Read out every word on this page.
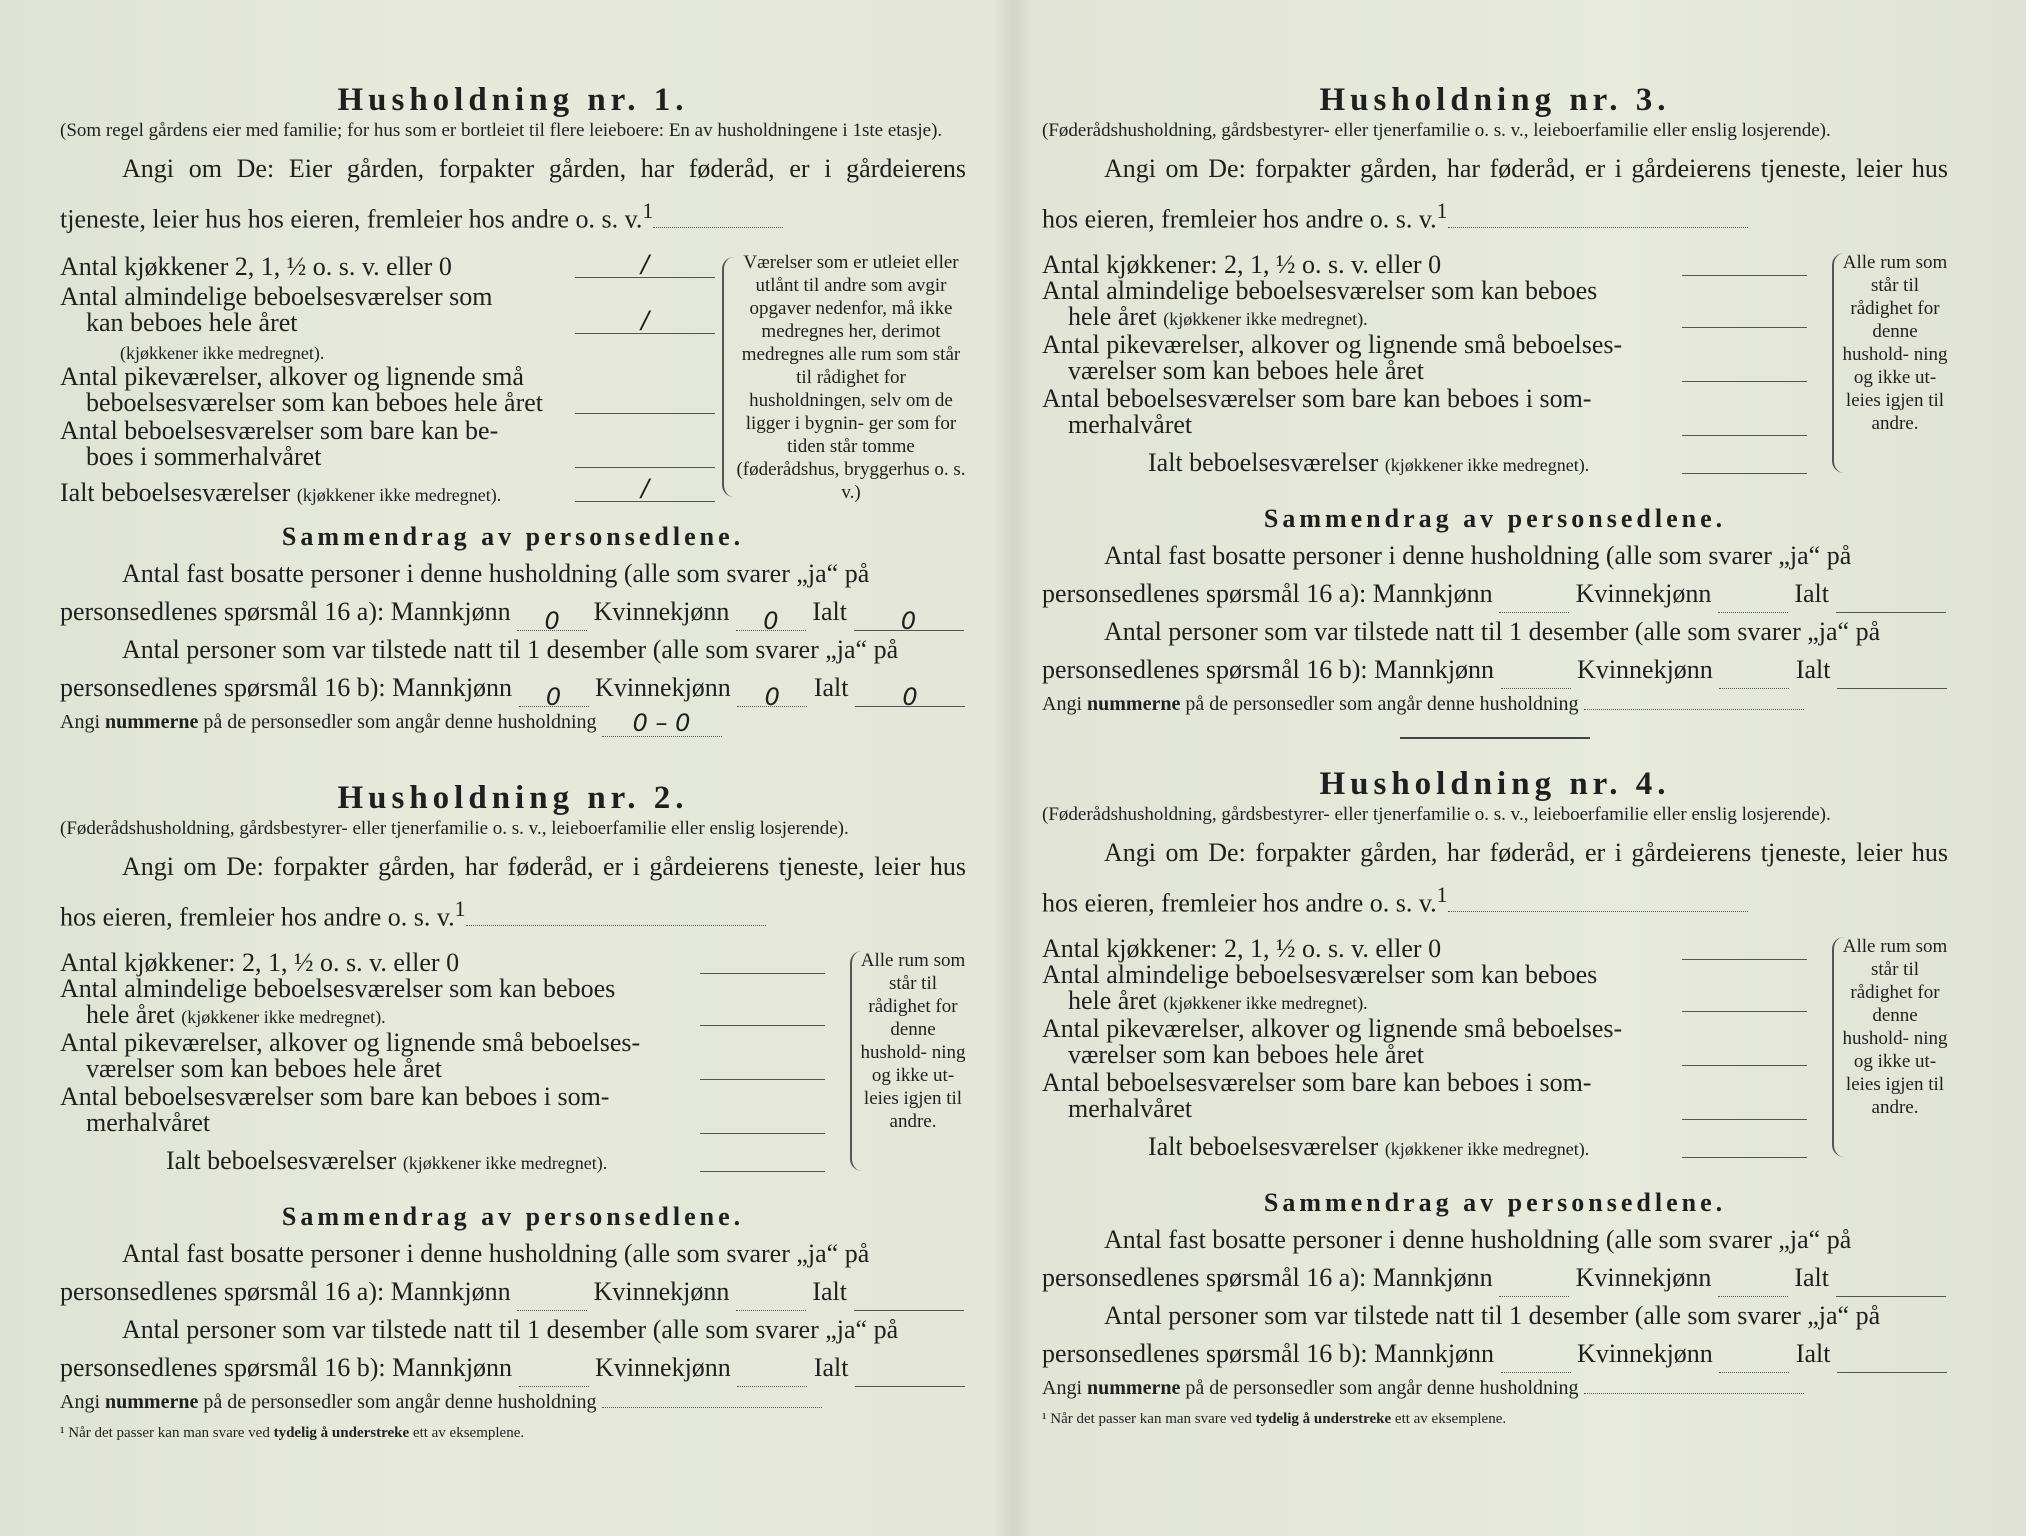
Husholdning nr. 1.

(Som regel gårdens eier med familie; for hus som er bortleiet til flere leieboere: En av husholdningene i 1ste etasje).

Angi om De: Eier gården, forpakter gården, har føderåd, er i gårdeierens tjeneste, leier hus hos eieren, fremleier hos andre o. s. v.$^1$

Antal kjøkkener 2, 1, ½ o. s. v. eller 0	/
Antal almindelige beboelsesværelser som
kan beboes hele året	/
(kjøkkener ikke medregnet).
Antal pikeværelser, alkover og lignende små
beboelsesværelser som kan beboes hele året
Antal beboelsesværelser som bare kan be-
boes i sommerhalvåret
Ialt beboelsesværelser (kjøkkener ikke medregnet).	/
Værelser som er utleiet eller utlånt til andre som avgir opgaver nedenfor, må ikke medregnes her, derimot medregnes alle rum som står til rådighet for husholdningen, selv om de ligger i bygnin- ger som for tiden står tomme (føderådshus, bryggerhus o. s. v.)
Sammendrag av personsedlene.

Antal fast bosatte personer i denne husholdning (alle som svarer „ja“ på

personsedlenes spørsmål 16 a): Mannkjønn 0 Kvinnekjønn 0 Ialt 0

Antal personer som var tilstede natt til 1 desember (alle som svarer „ja“ på

personsedlenes spørsmål 16 b): Mannkjønn 0 Kvinnekjønn 0 Ialt 0

Angi nummerne på de personsedler som angår denne husholdning 0 – 0

Husholdning nr. 2.

(Føderådshusholdning, gårdsbestyrer- eller tjenerfamilie o. s. v., leieboerfamilie eller enslig losjerende).

Angi om De: forpakter gården, har føderåd, er i gårdeierens tjeneste, leier hus hos eieren, fremleier hos andre o. s. v.$^1$

Antal kjøkkener: 2, 1, ½ o. s. v. eller 0
Antal almindelige beboelsesværelser som kan beboes
hele året (kjøkkener ikke medregnet).
Antal pikeværelser, alkover og lignende små beboelses-
værelser som kan beboes hele året
Antal beboelsesværelser som bare kan beboes i som-
merhalvåret
Ialt beboelsesværelser (kjøkkener ikke medregnet).
Alle rum som står til rådighet for denne hushold- ning og ikke ut- leies igjen til andre.
Sammendrag av personsedlene.

Antal fast bosatte personer i denne husholdning (alle som svarer „ja“ på

personsedlenes spørsmål 16 a): Mannkjønn	Kvinnekjønn	Ialt

Antal personer som var tilstede natt til 1 desember (alle som svarer „ja“ på

personsedlenes spørsmål 16 b): Mannkjønn	Kvinnekjønn	Ialt

Angi nummerne på de personsedler som angår denne husholdning

¹ Når det passer kan man svare ved tydelig å understreke ett av eksemplene.

Husholdning nr. 3.

(Føderådshusholdning, gårdsbestyrer- eller tjenerfamilie o. s. v., leieboerfamilie eller enslig losjerende).

Angi om De: forpakter gården, har føderåd, er i gårdeierens tjeneste, leier hus hos eieren, fremleier hos andre o. s. v.$^1$

Antal kjøkkener: 2, 1, ½ o. s. v. eller 0
Antal almindelige beboelsesværelser som kan beboes
hele året (kjøkkener ikke medregnet).
Antal pikeværelser, alkover og lignende små beboelses-
værelser som kan beboes hele året
Antal beboelsesværelser som bare kan beboes i som-
merhalvåret
Ialt beboelsesværelser (kjøkkener ikke medregnet).
Alle rum som står til rådighet for denne hushold- ning og ikke ut- leies igjen til andre.
Sammendrag av personsedlene.

Antal fast bosatte personer i denne husholdning (alle som svarer „ja“ på

personsedlenes spørsmål 16 a): Mannkjønn	Kvinnekjønn	Ialt

Antal personer som var tilstede natt til 1 desember (alle som svarer „ja“ på

personsedlenes spørsmål 16 b): Mannkjønn	Kvinnekjønn	Ialt

Angi nummerne på de personsedler som angår denne husholdning

Husholdning nr. 4.

(Føderådshusholdning, gårdsbestyrer- eller tjenerfamilie o. s. v., leieboerfamilie eller enslig losjerende).

Angi om De: forpakter gården, har føderåd, er i gårdeierens tjeneste, leier hus hos eieren, fremleier hos andre o. s. v.$^1$

Antal kjøkkener: 2, 1, ½ o. s. v. eller 0
Antal almindelige beboelsesværelser som kan beboes
hele året (kjøkkener ikke medregnet).
Antal pikeværelser, alkover og lignende små beboelses-
værelser som kan beboes hele året
Antal beboelsesværelser som bare kan beboes i som-
merhalvåret
Ialt beboelsesværelser (kjøkkener ikke medregnet).
Alle rum som står til rådighet for denne hushold- ning og ikke ut- leies igjen til andre.
Sammendrag av personsedlene.

Antal fast bosatte personer i denne husholdning (alle som svarer „ja“ på

personsedlenes spørsmål 16 a): Mannkjønn	Kvinnekjønn	Ialt

Antal personer som var tilstede natt til 1 desember (alle som svarer „ja“ på

personsedlenes spørsmål 16 b): Mannkjønn	Kvinnekjønn	Ialt

Angi nummerne på de personsedler som angår denne husholdning

¹ Når det passer kan man svare ved tydelig å understreke ett av eksemplene.
